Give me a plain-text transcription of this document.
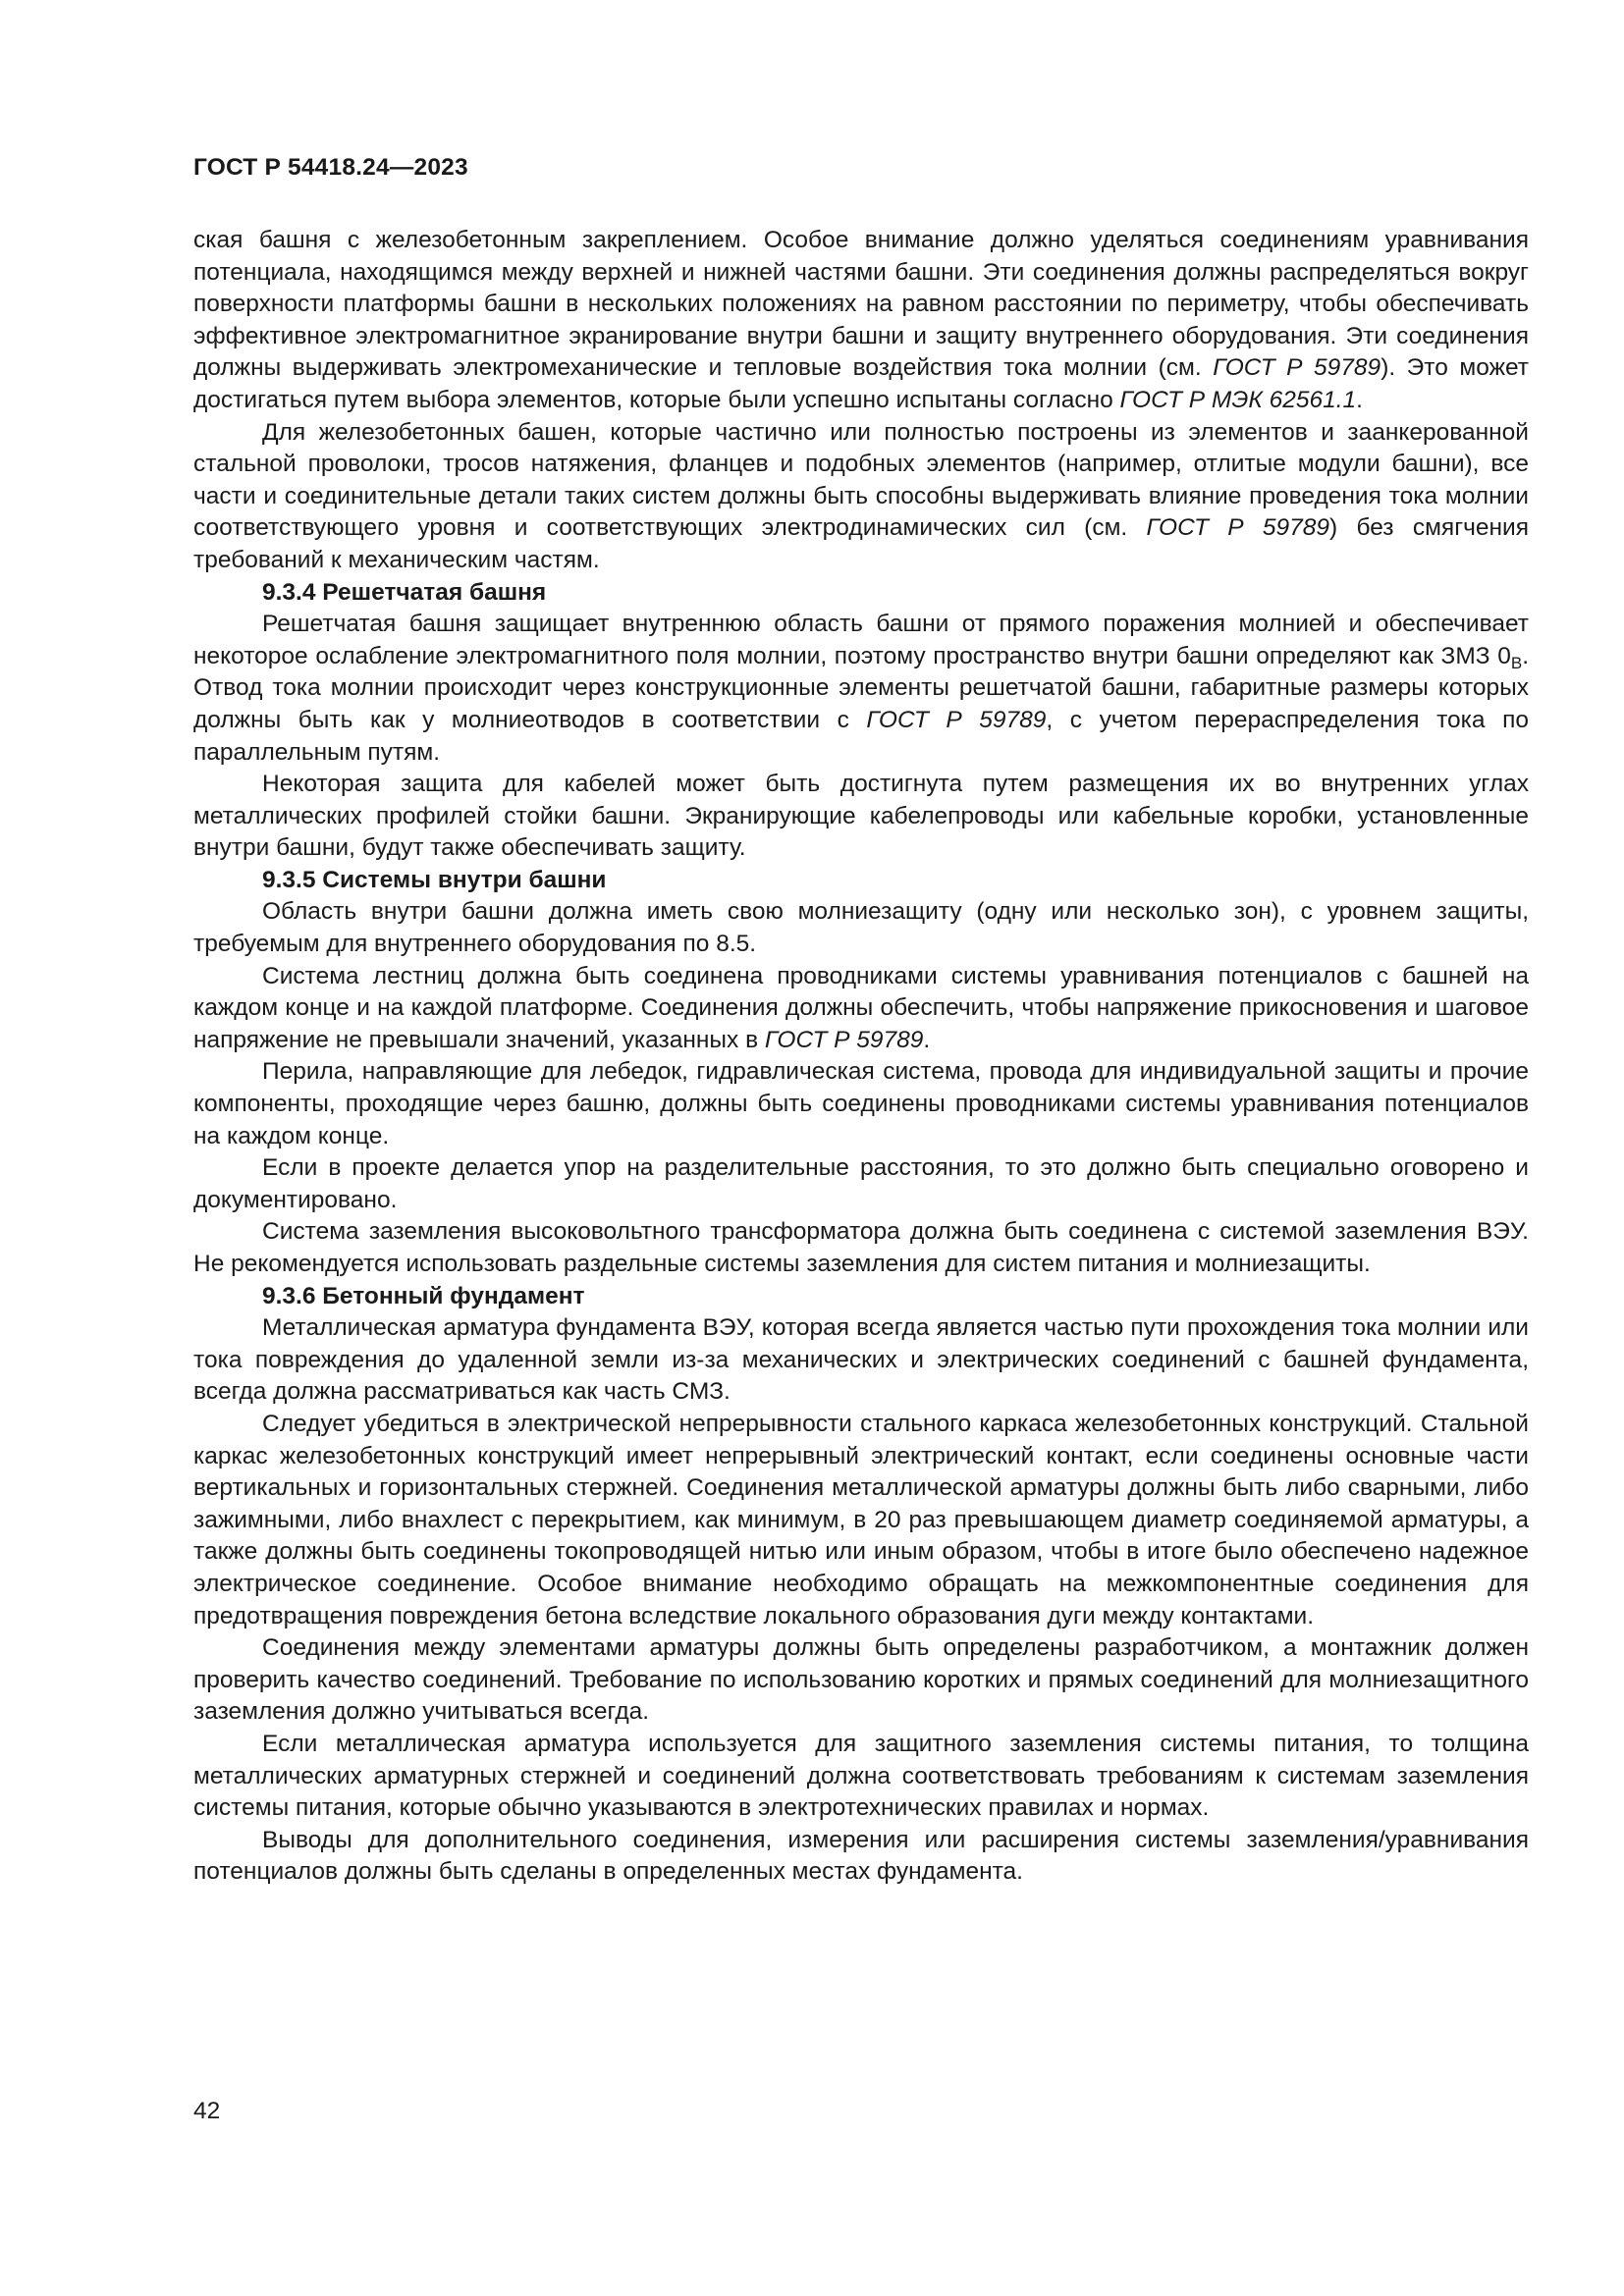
ГОСТ Р 54418.24—2023

ская башня с железобетонным закреплением. Особое внимание должно уделяться соединениям уравнивания потенциала, находящимся между верхней и нижней частями башни. Эти соединения должны распределяться вокруг поверхности платформы башни в нескольких положениях на равном расстоянии по периметру, чтобы обеспечивать эффективное электромагнитное экранирование внутри башни и защиту внутреннего оборудования. Эти соединения должны выдерживать электромеханические и тепловые воздействия тока молнии (см. ГОСТ Р 59789). Это может достигаться путем выбора элементов, которые были успешно испытаны согласно ГОСТ Р МЭК 62561.1.

Для железобетонных башен, которые частично или полностью построены из элементов и заанкерованной стальной проволоки, тросов натяжения, фланцев и подобных элементов (например, отлитые модули башни), все части и соединительные детали таких систем должны быть способны выдерживать влияние проведения тока молнии соответствующего уровня и соответствующих электродинамических сил (см. ГОСТ Р 59789) без смягчения требований к механическим частям.

9.3.4 Решетчатая башня

Решетчатая башня защищает внутреннюю область башни от прямого поражения молнией и обеспечивает некоторое ослабление электромагнитного поля молнии, поэтому пространство внутри башни определяют как ЗМЗ $0_B$. Отвод тока молнии происходит через конструкционные элементы решетчатой башни, габаритные размеры которых должны быть как у молниеотводов в соответствии с ГОСТ Р 59789, с учетом перераспределения тока по параллельным путям.

Некоторая защита для кабелей может быть достигнута путем размещения их во внутренних углах металлических профилей стойки башни. Экранирующие кабелепроводы или кабельные коробки, установленные внутри башни, будут также обеспечивать защиту.

9.3.5 Системы внутри башни

Область внутри башни должна иметь свою молниезащиту (одну или несколько зон), с уровнем защиты, требуемым для внутреннего оборудования по 8.5.

Система лестниц должна быть соединена проводниками системы уравнивания потенциалов с башней на каждом конце и на каждой платформе. Соединения должны обеспечить, чтобы напряжение прикосновения и шаговое напряжение не превышали значений, указанных в ГОСТ Р 59789.

Перила, направляющие для лебедок, гидравлическая система, провода для индивидуальной защиты и прочие компоненты, проходящие через башню, должны быть соединены проводниками системы уравнивания потенциалов на каждом конце.

Если в проекте делается упор на разделительные расстояния, то это должно быть специально оговорено и документировано.

Система заземления высоковольтного трансформатора должна быть соединена с системой заземления ВЭУ. Не рекомендуется использовать раздельные системы заземления для систем питания и молниезащиты.

9.3.6 Бетонный фундамент

Металлическая арматура фундамента ВЭУ, которая всегда является частью пути прохождения тока молнии или тока повреждения до удаленной земли из-за механических и электрических соединений с башней фундамента, всегда должна рассматриваться как часть СМЗ.

Следует убедиться в электрической непрерывности стального каркаса железобетонных конструкций. Стальной каркас железобетонных конструкций имеет непрерывный электрический контакт, если соединены основные части вертикальных и горизонтальных стержней. Соединения металлической арматуры должны быть либо сварными, либо зажимными, либо внахлест с перекрытием, как минимум, в 20 раз превышающем диаметр соединяемой арматуры, а также должны быть соединены токопроводящей нитью или иным образом, чтобы в итоге было обеспечено надежное электрическое соединение. Особое внимание необходимо обращать на межкомпонентные соединения для предотвращения повреждения бетона вследствие локального образования дуги между контактами.

Соединения между элементами арматуры должны быть определены разработчиком, а монтажник должен проверить качество соединений. Требование по использованию коротких и прямых соединений для молниезащитного заземления должно учитываться всегда.

Если металлическая арматура используется для защитного заземления системы питания, то толщина металлических арматурных стержней и соединений должна соответствовать требованиям к системам заземления системы питания, которые обычно указываются в электротехнических правилах и нормах.

Выводы для дополнительного соединения, измерения или расширения системы заземления/уравнивания потенциалов должны быть сделаны в определенных местах фундамента.

42
